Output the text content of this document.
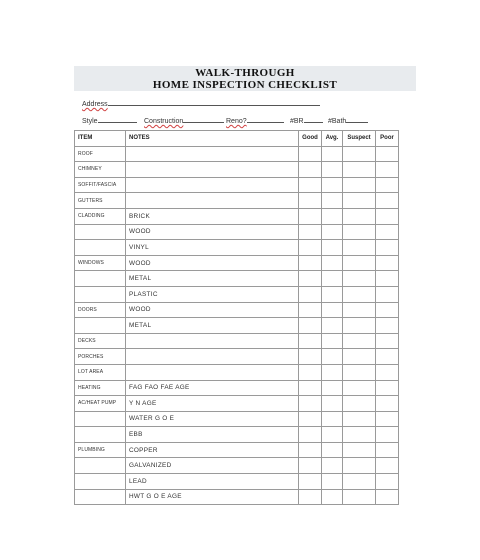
WALK-THROUGH
HOME INSPECTION CHECKLIST
Address
Style	Construction	Reno?	#BR	#Bath
ITEM	NOTES	Good	Avg.	Suspect	Poor
ROOF					
CHIMNEY					
SOFFIT/FASCIA					
GUTTERS					
CLADDING	BRICK				
	WOOD				
	VINYL				
WINDOWS	WOOD				
	METAL				
	PLASTIC				
DOORS	WOOD				
	METAL				
DECKS					
PORCHES					
LOT AREA					
HEATING	FAG FAO FAE AGE				
AC/HEAT PUMP	Y N AGE				
	WATER G O E				
	EBB				
PLUMBING	COPPER				
	GALVANIZED				
	LEAD				
	HWT G O E AGE				
